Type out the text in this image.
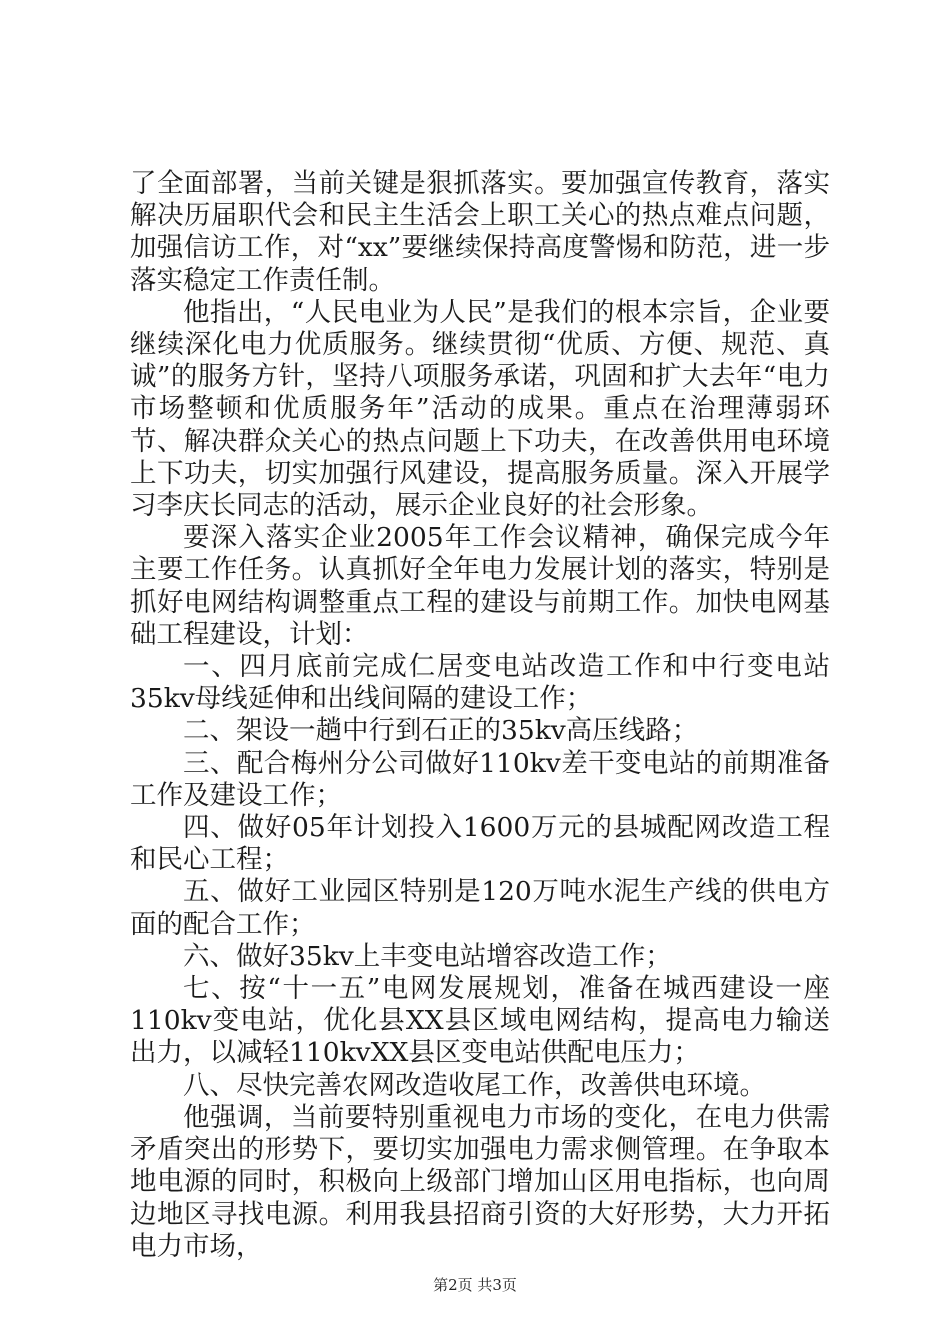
了全面部署，当前关键是狠抓落实。要加强宣传教育，落实解决历届职代会和民主生活会上职工关心的热点难点问题，加强信访工作，对“xx”要继续保持高度警惕和防范，进一步落实稳定工作责任制。

他指出，“人民电业为人民”是我们的根本宗旨，企业要继续深化电力优质服务。继续贯彻“优质、方便、规范、真诚”的服务方针，坚持八项服务承诺，巩固和扩大去年“电力市场整顿和优质服务年”活动的成果。重点在治理薄弱环节、解决群众关心的热点问题上下功夫，在改善供用电环境上下功夫，切实加强行风建设，提高服务质量。深入开展学习李庆长同志的活动，展示企业良好的社会形象。

要深入落实企业2005年工作会议精神，确保完成今年主要工作任务。认真抓好全年电力发展计划的落实，特别是抓好电网结构调整重点工程的建设与前期工作。加快电网基础工程建设，计划：

一、四月底前完成仁居变电站改造工作和中行变电站35kv母线延伸和出线间隔的建设工作；

二、架设一趟中行到石正的35kv高压线路；

三、配合梅州分公司做好110kv差干变电站的前期准备工作及建设工作；

四、做好05年计划投入1600万元的县城配网改造工程和民心工程；

五、做好工业园区特别是120万吨水泥生产线的供电方面的配合工作；

六、做好35kv上丰变电站增容改造工作；

七、按“十一五”电网发展规划，准备在城西建设一座110kv变电站，优化县XX县区域电网结构，提高电力输送出力，以减轻110kvXX县区变电站供配电压力；

八、尽快完善农网改造收尾工作，改善供电环境。

他强调，当前要特别重视电力市场的变化，在电力供需矛盾突出的形势下，要切实加强电力需求侧管理。在争取本地电源的同时，积极向上级部门增加山区用电指标，也向周边地区寻找电源。利用我县招商引资的大好形势，大力开拓电力市场，

第2页 共3页
